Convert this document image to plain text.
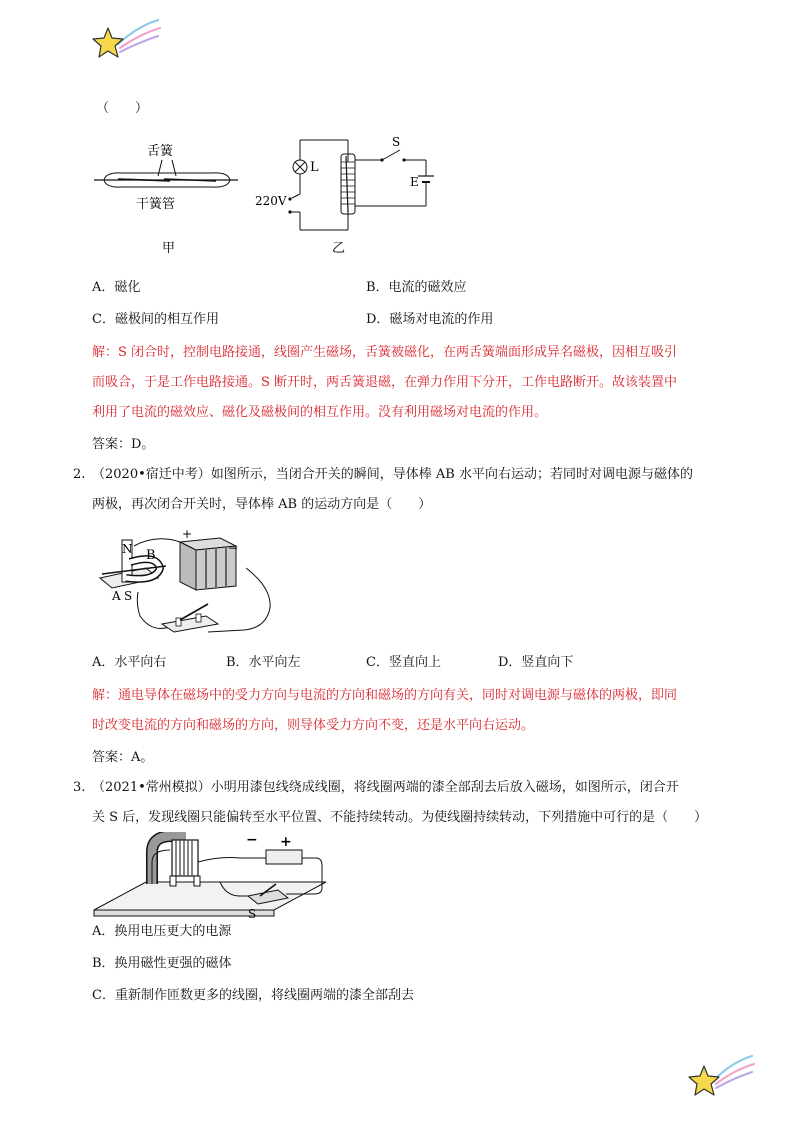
（　　）
舌簧
干簧管
甲
L
220V
S
E
乙
A．磁化	B．电流的磁效应
C．磁极间的相互作用	D．磁场对电流的作用
解：S 闭合时，控制电路接通，线圈产生磁场，舌簧被磁化，在两舌簧端面形成异名磁极，因相互吸引
而吸合，于是工作电路接通。S 断开时，两舌簧退磁，在弹力作用下分开，工作电路断开。故该装置中
利用了电流的磁效应、磁化及磁极间的相互作用。没有利用磁场对电流的作用。
答案：D。
2. （2020•宿迁中考）如图所示，当闭合开关的瞬间，导体棒 AB 水平向右运动；若同时对调电源与磁体的
两极，再次闭合开关时，导体棒 AB 的运动方向是（　　）
N B
A S
+
−
A．水平向右	B．水平向左	C．竖直向上	D．竖直向下
解：通电导体在磁场中的受力方向与电流的方向和磁场的方向有关，同时对调电源与磁体的两极，即同
时改变电流的方向和磁场的方向，则导体受力方向不变，还是水平向右运动。
答案：A。
3. （2021•常州模拟）小明用漆包线绕成线圈，将线圈两端的漆全部刮去后放入磁场，如图所示，闭合开
关 S 后，发现线圈只能偏转至水平位置、不能持续转动。为使线圈持续转动，下列措施中可行的是（　　）
− +
S
A．换用电压更大的电源
B．换用磁性更强的磁体
C．重新制作匝数更多的线圈，将线圈两端的漆全部刮去
